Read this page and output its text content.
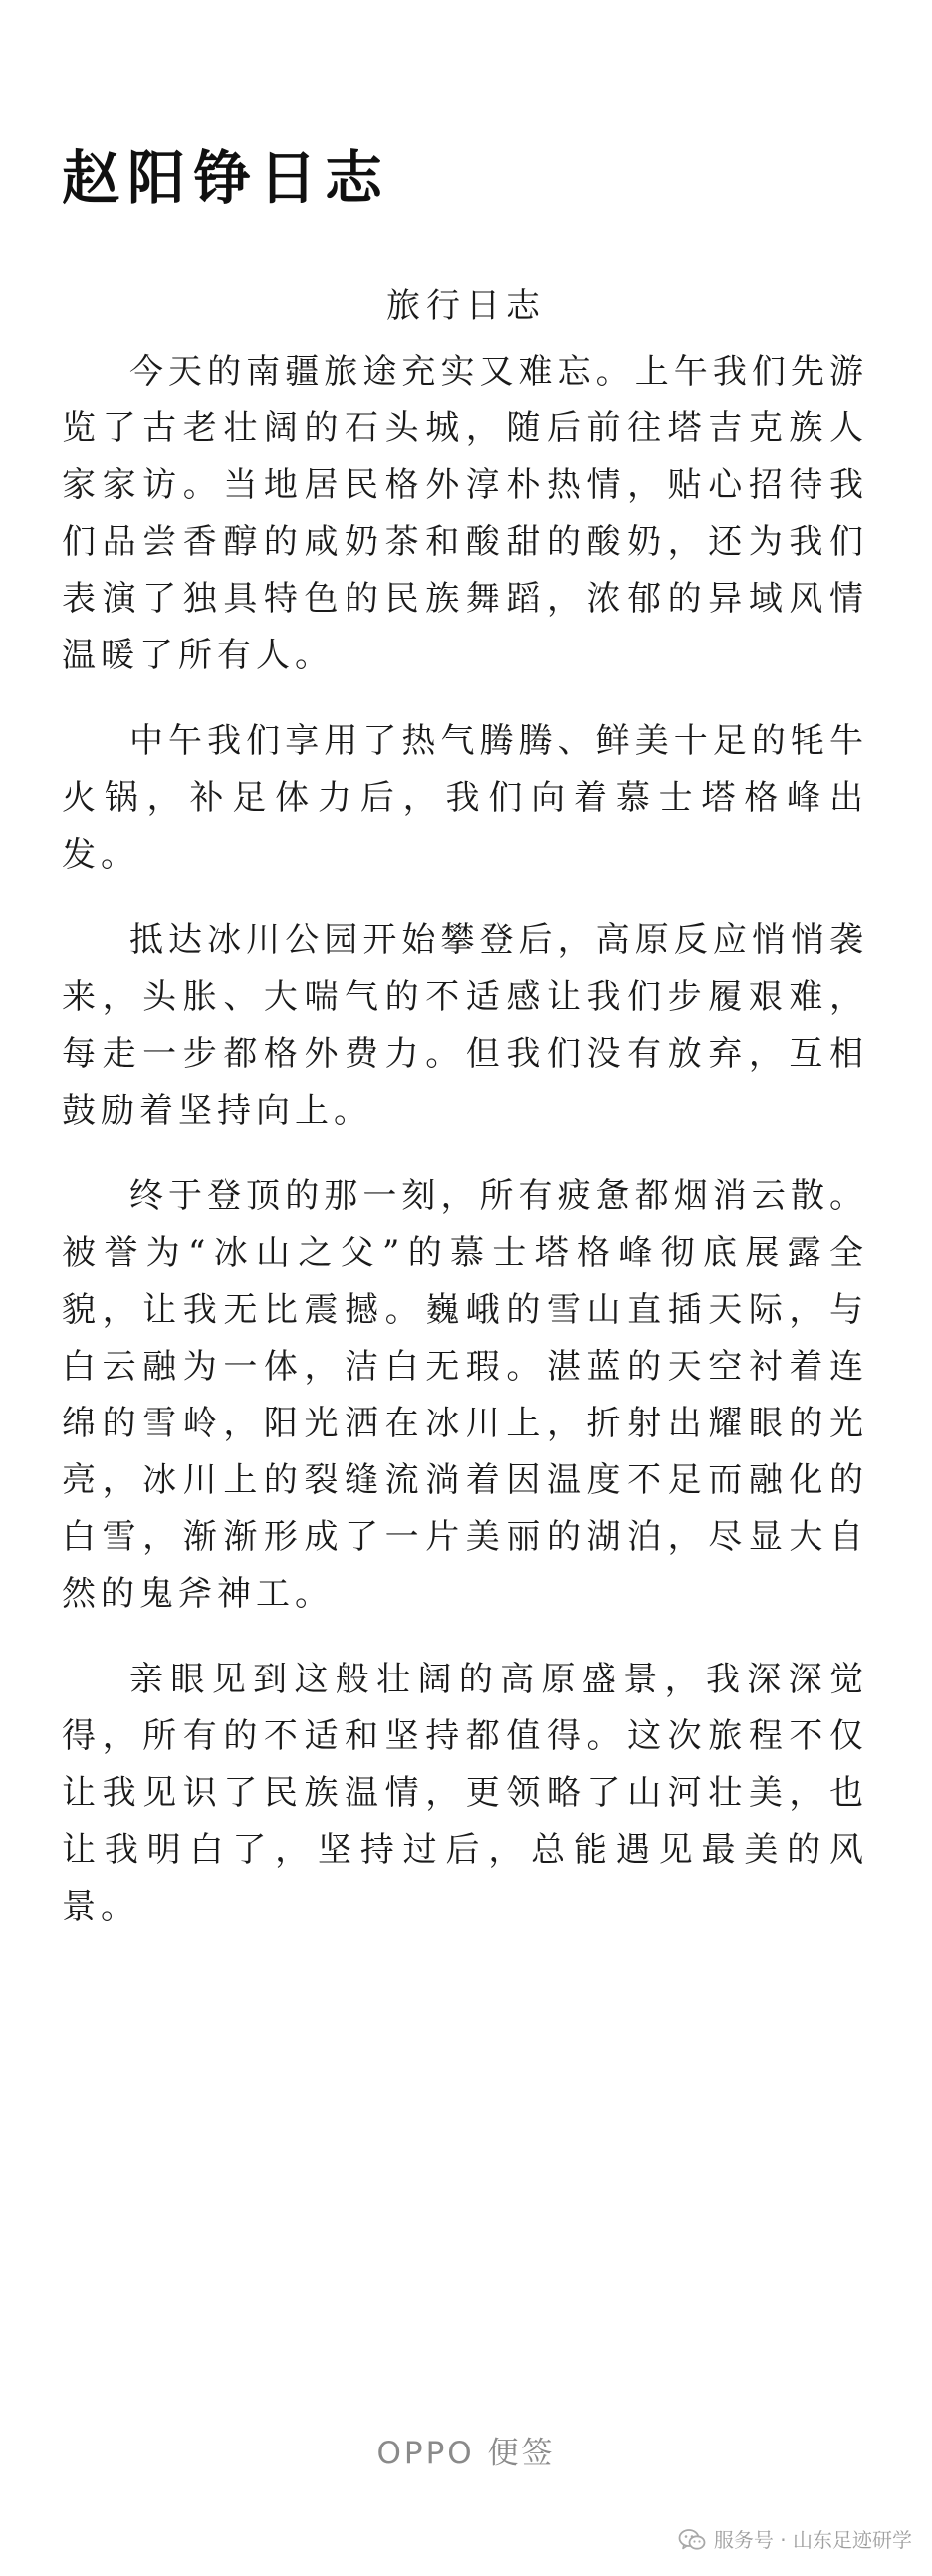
赵阳铮日志
旅行日志

今天的南疆旅途充实又难忘。上午我们先游览了古老壮阔的石头城，随后前往塔吉克族人家家访。当地居民格外淳朴热情，贴心招待我们品尝香醇的咸奶茶和酸甜的酸奶，还为我们表演了独具特色的民族舞蹈，浓郁的异域风情温暖了所有人。

中午我们享用了热气腾腾、鲜美十足的牦牛火锅，补足体力后，我们向着慕士塔格峰出发。

抵达冰川公园开始攀登后，高原反应悄悄袭来，头胀、大喘气的不适感让我们步履艰难，每走一步都格外费力。但我们没有放弃，互相鼓励着坚持向上。

终于登顶的那一刻，所有疲惫都烟消云散。被誉为“冰山之父”的慕士塔格峰彻底展露全貌，让我无比震撼。巍峨的雪山直插天际，与白云融为一体，洁白无瑕。湛蓝的天空衬着连绵的雪岭，阳光洒在冰川上，折射出耀眼的光亮，冰川上的裂缝流淌着因温度不足而融化的白雪，渐渐形成了一片美丽的湖泊，尽显大自然的鬼斧神工。

亲眼见到这般壮阔的高原盛景，我深深觉得，所有的不适和坚持都值得。这次旅程不仅让我见识了民族温情，更领略了山河壮美，也让我明白了，坚持过后，总能遇见最美的风景。

OPPO 便签
服务号 · 山东足迹研学
